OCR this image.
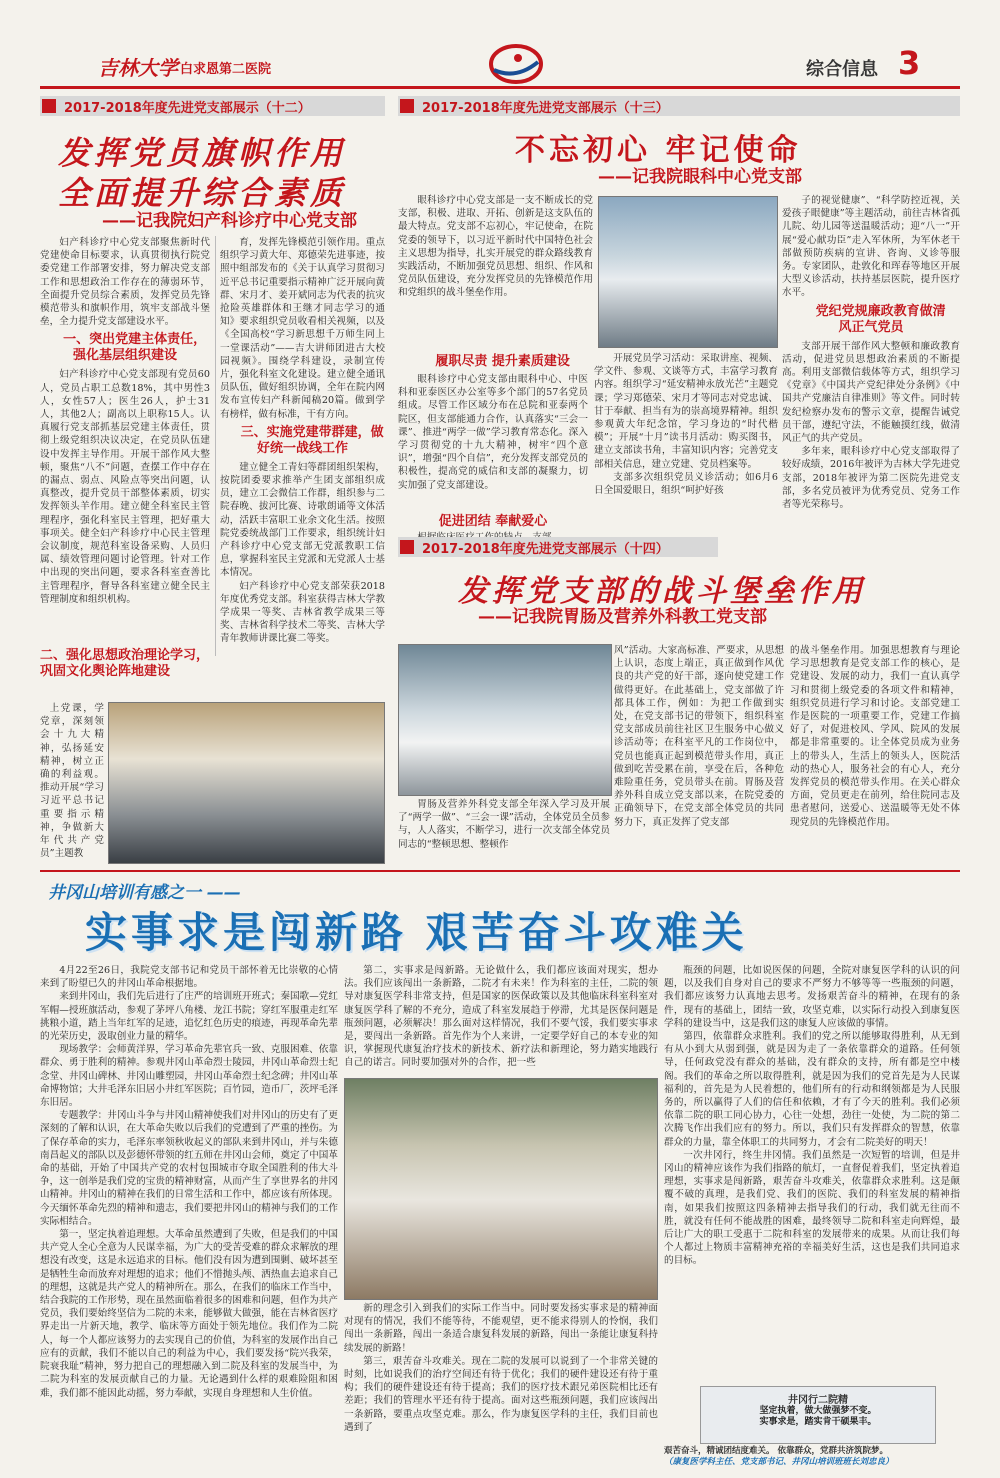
吉林大学 白求恩第二医院	综合信息 3
2017-2018年度先进党支部展示（十二）
发挥党员旗帜作用
全面提升综合素质
——记我院妇产科诊疗中心党支部

妇产科诊疗中心党支部聚焦新时代党建使命目标要求，认真贯彻执行院党委党建工作部署安排，努力解决党支部工作和思想政治工作存在的薄弱环节，全面提升党员综合素质，发挥党员先锋模范带头和旗帜作用，筑牢支部战斗堡垒，全力提升党支部建设水平。

一、突出党建主体责任，强化基层组织建设

妇产科诊疗中心党支部现有党员60人，党员占职工总数18%，其中男性3人，女性57人；医生26人，护士31人，其他2人；副高以上职称15人。认真履行党支部抓基层党建主体责任，贯彻上级党组织决议决定，在党员队伍建设中发挥主导作用。开展干部作风大整顿，聚焦“八不”问题，查摆工作中存在的漏点、弱点、风险点等突出问题，认真整改，提升党员干部整体素质，切实发挥领头羊作用。建立健全科室民主管理程序，强化科室民主管理，把好重大事项关。健全妇产科诊疗中心民主管理会议制度，规范科室设备采购、人员归属、绩效管理问题讨论管理。针对工作中出现的突出问题，要求各科室查善比主管理程序，督导各科室建立健全民主管理制度和组织机构。

二、强化思想政治理论学习，巩固文化舆论阵地建设
上党课，学党章，深刻领会十九大精神，弘扬延安精神，树立正确的利益观。推动开展“学习习近平总书记重要指示精神，争做新大年代共产党员”主题教

育，发挥先锋模范引领作用。重点组织学习黄大年、郑德荣先进事迹，按照中组部发布的《关于认真学习贯彻习近平总书记重要指示精神广泛开展向黄群、宋月才、姜开斌同志为代表的抗灾抢险英雄群体和王继才同志学习的通知》要求组织党员收看相关视频，以及《全国高校“学习新思想千万师生同上一堂课活动”——吉大讲师团进古大校园视频》。围绕学科建设，录制宣传片，强化科室文化建设。建立健全通讯员队伍，做好组织协调，全年在院内网发布宣传妇产科新闻稿20篇。做到学有榜样，做有标准，干有方向。

三、实施党建带群建，做好统一战线工作

建立健全工青妇等群团组织架构，按院团委要求推举产生团支部组织成员，建立工会微信工作群，组织参与二院春晚、拔河比赛、诗歌朗诵等文体活动，活跃丰富职工业余文化生活。按照院党委统战部门工作要求，组织统计妇产科诊疗中心党支部无党派教职工信息，掌握科室民主党派和无党派人士基本情况。

妇产科诊疗中心党支部荣获2018年度优秀党支部。科室获得吉林大学教学成果一等奖、吉林省教学成果三等奖、吉林省科学技术二等奖、吉林大学青年教师讲课比赛二等奖。

2017-2018年度先进党支部展示（十三）
不忘初心 牢记使命
——记我院眼科中心党支部
眼科诊疗中心党支部是一支不断成长的党支部，积极、进取、开拓、创新是这支队伍的最大特点。党支部不忘初心，牢记使命，在院党委的领导下，以习近平新时代中国特色社会主义思想为指导，扎实开展党的群众路线教育实践活动，不断加强党员思想、组织、作风和党员队伍建设，充分发挥党员的先锋模范作用和党组织的战斗堡垒作用。
履职尽责 提升素质建设

眼科诊疗中心党支部由眼科中心、中医科和亚泰医区办公室等多个部门的57名党员组成。尽管工作区域分布在总院和亚泰两个院区，但支部能通力合作，认真落实“三会一课”、推进“两学一做”学习教育常态化。深入学习贯彻党的十九大精神，树牢“四个意识”，增强“四个自信”，充分发挥支部党员的积极性，提高党的威信和支部的凝聚力，切实加强了党支部建设。

促进团结 奉献爱心

开展党员学习活动：采取讲座、视频、学文件、参观、文谈等方式，丰富学习教育内容。组织学习“延安精神永放光芒”主题党课；学习郑德荣、宋月才等同志对党忠诚、甘于奉献、担当有为的崇高境界精神。组织参观黄大年纪念馆，学习身边的“时代楷模”；开展“十月”读书月活动：购买图书，建立支部读书角，丰富知识内容；完善党支部相关信息，建立党建、党员档案等。

支部多次组织党员义诊活动；如6月6日全国爱眼日，组织“呵护好孩

子的视觉健康”、“科学防控近视，关爱孩子眼健康”等主题活动，前往吉林省孤儿院、幼儿园等送温暖活动；迎“八一”开展“爱心献功臣”走入军休所，为军休老干部做预防疾病的宣讲、咨询、义诊等服务。专家团队，赴敦化和珲春等地区开展大型义诊活动，扶持基层医院，提升医疗水平。

党纪党规廉政教育做清风正气党员

支部开展干部作风大整顿和廉政教育活动，促进党员思想政治素质的不断提高。利用支部微信载体等方式，组织学习《党章》《中国共产党纪律处分条例》《中国共产党廉洁自律准则》等文件。同时转发纪检察办发布的警示文章，提醒告诫党员干部，遵纪守法，不能触摸红线，做清风正气的共产党员。

多年来，眼科诊疗中心党支部取得了较好成绩，2016年被评为吉林大学先进党支部，2018年被评为第二医院先进党支部，多名党员被评为优秀党员、党务工作者等光荣称号。

2017-2018年度先进党支部展示（十四）
发挥党支部的战斗堡垒作用
——记我院胃肠及营养外科教工党支部
胃肠及营养外科党支部全年深入学习及开展了“两学一做”、“三会一课”活动，全体党员全员参与，人人落实，不断学习，进行一次支部全体党员同志的“整顿思想、整顿作
风”活动。大家高标准、严要求，从思想上认识，态度上端正，真正做到作风优良的共产党的好干部，逐向使党建工作做得更好。在此基础上，党支部做了许都具体工作，例如：为把工作做到实处，在党支部书记的带领下，组织科室党支部成员前往社区卫生服务中心做义诊活动等；在科室平凡的工作岗位中，党员也能真正起到模范带头作用，真正做到吃苦受累在前，享受在后，各种危难险重任务，党员带头在前。胃肠及营养外科自成立党支部以来，在院党委的正确领导下，在党支部全体党员的共同努力下，真正发挥了党支部
的战斗堡垒作用。加强思想教育与理论学习思想教育是党支部工作的核心，是党建设、发展的动力，我们一直认真学习和贯彻上级党委的各项文件和精神，组织党员进行学习和讨论。支部党建工作是医院的一项重要工作，党建工作搞好了，对促进校风、学风、院风的发展都是非常重要的。让全体党员成为业务上的带头人，生活上的领头人，医院活动的热心人，服务社会的有心人，充分发挥党员的模范带头作用。在关心群众方面，党员更走在前列，给住院同志及患者慰问，送爱心、送温暖等无处不体现党员的先锋模范作用。
井冈山培训有感之一 ——
实事求是闯新路 艰苦奋斗攻难关

4月22至26日，我院党支部书记和党员干部怀着无比崇敬的心情来到了盼望已久的井冈山革命根据地。

来到井冈山，我们先后进行了庄严的培训班开班式；秦国歌—党红军帽—授班旗活动，参观了茅坪八角楼、龙江书院；穿红军服重走红军挑粮小道，踏上当年红军的足迹，追忆红色历史的痕迹，再现革命先辈的光荣历史，汲取创业力量的精华。

现场教学：会师黄洋界，学习革命先辈官兵一致、克服困难、依靠群众、勇于胜利的精神。参观井冈山革命烈士陵园，井冈山革命烈士纪念堂、井冈山碑林、井冈山雕塑园，井冈山革命烈士纪念碑；井冈山革命博物馆；大井毛泽东旧居小井红军医院；百竹园，造币厂，茨坪毛泽东旧居。

专题教学：井冈山斗争与井冈山精神使我们对井冈山的历史有了更深刻的了解和认识，在大革命失败以后我们的党遭到了严重的挫伤。为了保存革命的实力，毛泽东率领秋收起义的部队来到井冈山，并与朱德南昌起义的部队以及彭德怀带领的红五师在井冈山会师，奠定了中国革命的基础，开始了中国共产党的农村包围城市夺取全国胜利的伟大斗争，这一创举是我们党的宝贵的精神财富，从而产生了享世界名的井冈山精神。井冈山的精神在我们的日常生活和工作中，都应该有所体现。今天缅怀革命先烈的精神和遗志，我们要把井冈山的精神与我们的工作实际相结合。

第一，坚定执着追理想。大革命虽然遭到了失败，但是我们的中国共产党人全心全意为人民谋幸福，为广大的受苦受难的群众求解放的理想没有改变，这是永远追求的目标。他们没有因为遭到围剿、破坏甚至是牺牲生命而放弃对理想的追求；他们不惜抛头颅、洒热血去追求自己的理想，这就是共产党人的精神所在。那么，在我们的临床工作当中，结合我院的工作形势，现在虽然面临着很多的困难和问题，但作为共产党员，我们要始终坚信为二院的未来，能够做大做强，能在吉林省医疗界走出一片新天地，教学、临床等方面处于领先地位。我们作为二院人，每一个人都应该努力的去实现自己的价值，为科室的发展作出自己应有的贡献，我们不能以自己的利益为中心，我们要发扬“院兴我荣，院衰我耻”精神，努力把自己的理想融入到二院及科室的发展当中，为二院为科室的发展贡献自己的力量。无论遇到什么样的艰难险阻和困难，我们都不能因此动摇，努力奉献，实现自身理想和人生价值。

第二，实事求是闯新路。无论做什么，我们都应该面对现实，想办法。我们应该闯出一条新路，二院才有未来！作为科室的主任，二院的领导对康复医学科非常支持，但是国家的医保政策以及其他临床科室科室对康复医学科了解的不充分，造成了科室发展趋于停滞，尤其是医保问题是瓶颈问题，必须解决！那么面对这样情况，我们不要气馁，我们要实事求是，要闯出一条新路。首先作为个人来讲，一定要学好自己的本专业的知识，掌握现代康复治疗技术的新技术、新疗法和新理论，努力踏实地践行自己的诺言。同时要加强对外的合作，把一些

新的理念引入到我们的实际工作当中。同时要发扬实事求是的精神面对现有的情况，我们不能等待，不能观望，更不能求得别人的怜悯，我们闯出一条新路，闯出一条适合康复科发展的新路，闯出一条能让康复科持续发展的新路！

第三，艰苦奋斗攻难关。现在二院的发展可以说到了一个非常关键的时刻，比如说我们的治疗空间还有待于优化；我们的硬件建设还有待于重构；我们的硬件建设还有待于提高；我们的医疗技术跟兄弟医院相比还有差距；我们的管理水平还有待于提高。面对这些瓶颈问题，我们应该闯出一条新路，要重点攻坚克难。那么，作为康复医学科的主任，我们目前也遇到了

瓶颈的问题，比如说医保的问题，全院对康复医学科的认识的问题，以及我们自身对自己的要求不严努力不够等等一些瓶颈的问题，我们都应该努力认真地去思考。发扬艰苦奋斗的精神，在现有的条件，现有的基础上，团结一致，攻坚克难，以实际行动投入到康复医学科的建设当中，这是我们这的康复人应该做的事情。

第四，依靠群众求胜利。我们的党之所以能够取得胜利，从无到有从小到大从弱到强，就是因为走了一条依靠群众的道路。任何领导，任何政党没有群众的基础，没有群众的支持，所有都是空中楼阁。我们的革命之所以取得胜利，就是因为我们的党首先是为人民谋福利的，首先是为人民着想的，他们所有的行动和纲领都是为人民服务的，所以赢得了人们的信任和依赖，才有了今天的胜利。我们必须依靠二院的职工同心协力，心往一处想，劲往一处使，为二院的第二次腾飞作出我们应有的努力。所以，我们只有发挥群众的智慧，依靠群众的力量，靠全体职工的共同努力，才会有二院美好的明天！

一次井冈行，终生井冈情。我们虽然是一次短暂的培训，但是井冈山的精神应该作为我们指路的航灯，一直督促着我们，坚定执着追理想，实事求是闯新路，艰苦奋斗攻难关，依靠群众求胜利。这是颠覆不破的真理，是我们党、我们的医院、我们的科室发展的精神指南，如果我们按照这四条精神去指导我们的行动，我们就无往而不胜，就没有任何不能战胜的困难，最终领导二院和科室走向辉煌，最后让广大的职工受惠于二院和科室的发展带来的成果。从而让我们每个人都过上物质丰富精神充裕的幸福美好生活，这也是我们共同追求的目标。

井冈行二院精
坚定执着，做大做强梦不变。
实事求是，踏实肯干硕果丰。
艰苦奋斗，精诚团结度难关。 依靠群众，党群共济筑院梦。
（康复医学科主任、党支部书记、井冈山培训班班长刘忠良）
